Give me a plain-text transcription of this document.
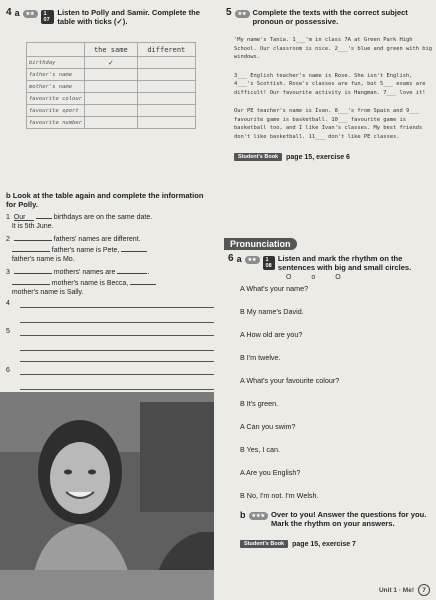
4 a	★★	1 07
Listen to Polly and Samir. Complete the table with ticks (✓).
	the same	different
birthday	✓	
father's name		
mother's name		
favourite colour		
favourite sport		
favourite number		
b Look at the table again and complete the information for Polly.
1 Our	birthdays are on the same date.
It is 5th June.
2	fathers' names are different.
father's name is Pete,
father's name is Mo.
3	mothers' names are	.
mother's name is Becca,
mother's name is Sally.
4
5
6
5	★★ Complete the texts with the correct subject pronoun or possessive.

'My name's Tania. 1___'m in class 7A at Green Park High School. Our classroom is nice. 2___'s blue and green with big windows.

3___ English teacher's name is Rose. She isn't English, 4___'s Scottish. Rose's classes are fun, but 5___ exams are difficult! Our favourite activity is Hangman. 7___ love it!

Our PE teacher's name is Ivan. 8___'s from Spain and 9___ favourite game is basketball. 10___ favourite game is basketball too, and I like Ivan's classes. My best friends don't like basketball. 11___ don't like PE classes.

Student's Book	page 15, exercise 6
Pronunciation
6 a	★★	1 08
Listen and mark the rhythm on the sentences with big and small circles.
O o O
A What's your name?
B My name's David.
A How old are you?
B I'm twelve.
A What's your favourite colour?
B It's green.
A Can you swim?
B Yes, I can.
A Are you English?
B No, I'm not. I'm Welsh.
b	★★★ Over to you! Answer the questions for you. Mark the rhythm on your answers.
Student's Book	page 15, exercise 7
Unit 1 · Me!	7
